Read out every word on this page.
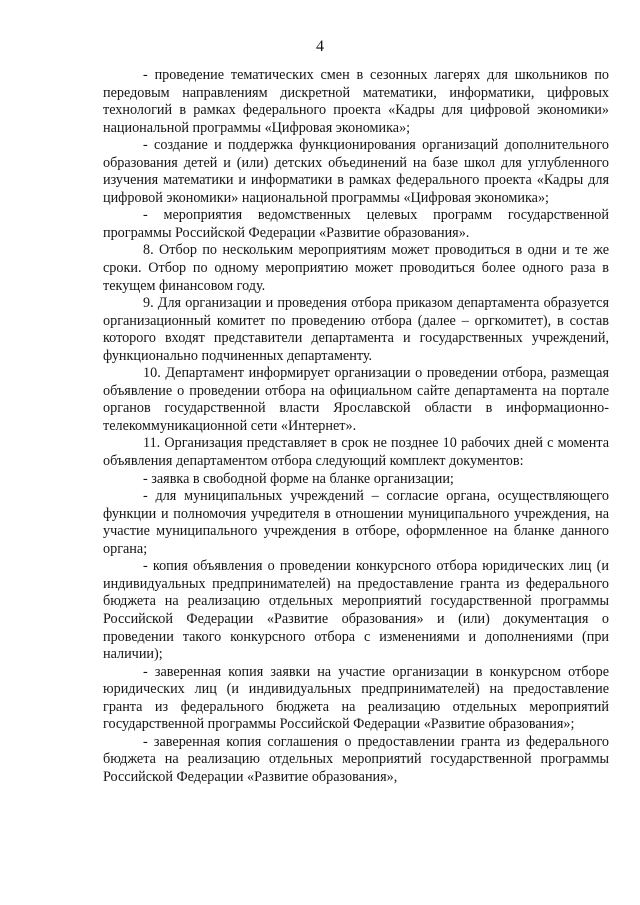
4

- проведение тематических смен в сезонных лагерях для школьников по передовым направлениям дискретной математики, информатики, цифровых технологий в рамках федерального проекта «Кадры для цифровой экономики» национальной программы «Цифровая экономика»;

- создание и поддержка функционирования организаций дополнительного образования детей и (или) детских объединений на базе школ для углубленного изучения математики и информатики в рамках федерального проекта «Кадры для цифровой экономики» национальной программы «Цифровая экономика»;

- мероприятия ведомственных целевых программ государственной программы Российской Федерации «Развитие образования».

8. Отбор по нескольким мероприятиям может проводиться в одни и те же сроки. Отбор по одному мероприятию может проводиться более одного раза в текущем финансовом году.

9. Для организации и проведения отбора приказом департамента образуется организационный комитет по проведению отбора (далее – оргкомитет), в состав которого входят представители департамента и государственных учреждений, функционально подчиненных департаменту.

10. Департамент информирует организации о проведении отбора, размещая объявление о проведении отбора на официальном сайте департамента на портале органов государственной власти Ярославской области в информационно-телекоммуникационной сети «Интернет».

11. Организация представляет в срок не позднее 10 рабочих дней с момента объявления департаментом отбора следующий комплект документов:

- заявка в свободной форме на бланке организации;

- для муниципальных учреждений – согласие органа, осуществляющего функции и полномочия учредителя в отношении муниципального учреждения, на участие муниципального учреждения в отборе, оформленное на бланке данного органа;

- копия объявления о проведении конкурсного отбора юридических лиц (и индивидуальных предпринимателей) на предоставление гранта из федерального бюджета на реализацию отдельных мероприятий государственной программы Российской Федерации «Развитие образования» и (или) документация о проведении такого конкурсного отбора с изменениями и дополнениями (при наличии);

- заверенная копия заявки на участие организации в конкурсном отборе юридических лиц (и индивидуальных предпринимателей) на предоставление гранта из федерального бюджета на реализацию отдельных мероприятий государственной программы Российской Федерации «Развитие образования»;

- заверенная копия соглашения о предоставлении гранта из федерального бюджета на реализацию отдельных мероприятий государственной программы Российской Федерации «Развитие образования»,
